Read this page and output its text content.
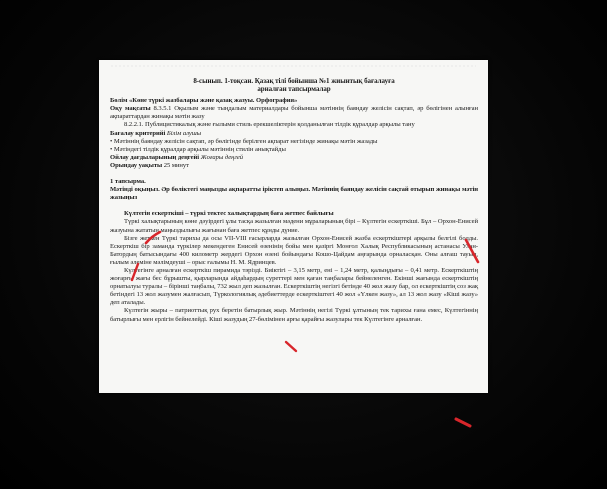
8-сынып. 1-тоқсан. Қазақ тілі бойынша №1 жиынтық бағалауға

арналған тапсырмалар

Бөлім «Көне түркі жазбалары және қазақ жазуы. Орфография»

Оқу мақсаты 8.3.5.1 Оқылым және тыңдалым материалдары бойынша мәтіннің баяндау желісін сақтап, әр бөлігінен алынған ақпараттардан жинақы мәтін жазу

8.2.2.1. Публицистикалық және ғылыми стиль ерекшеліктерін қолданылған тілдік құралдар арқылы тану

Бағалау критерийі Білім алушы

• Мәтіннің баяндау желісін сақтап, әр бөлігінде берілген ақпарат негізінде жинақы мәтін жазады

• Мәтіндегі тілдік құралдар арқылы мәтіннің стилін анықтайды

Ойлау дағдыларының деңгейі Жоғары деңгей

Орындау уақыты 25 минут

1 тапсырма.

Мәтінді оқыңыз. Әр бөліктегі маңызды ақпаратты іріктеп алыңыз. Мәтіннің баяндау желісін сақтай отырып жинақы мәтін жазыңыз

Күлтегін ескерткіші – түркі тектес халықтардың баға жетпес байлығы

Түркі халықтарының көне дәуірдегі ұлы тасқа жазылған мәдени мұраларының бірі – Күлтегін ескерткіші. Бұл – Орхон-Енисей жазуына жататын маңыздылығы жағынан баға жетпес құнды дүние.

Бізге жеткен Түркі тарихы да осы VII-VIII ғасырларда жазылған Орхон-Енисей жазба ескерткіштері арқылы белгілі болды. Ескерткіш бір заманда түркілер мекендеген Енисей өзенінің бойы мен қазіргі Монғол Халық Республикасының астанасы Улан-Батордың батысындағы 400 километр жердегі Орхон өзені бойындағы Кошо-Цайдам аңғарында орналасқан. Оны алғаш тауып, ғылым әлеміне мәлімдеуші – орыс ғалымы Н. М. Ядринцев.

Күлтегінге арналған ескерткіш пирамида тәрізді. Биіктігі – 3,15 метр, ені – 1,24 метр, қалыңдығы – 0,41 метр. Ескерткіштің жоғарғы жағы бес бұрышты, қырларында айдаһардың суреттері мен қаған таңбалары бейнеленген. Екінші жағында ескерткіштің орнатылуы туралы – бірінші таңбалы, 732 жыл деп жазылған. Ескерткіштің негізгі бетінде 40 жол жазу бар, ол ескерткіштің соз жақ бетіндегі 13 жол жазумен жалғасып, Түркологиялық әдебиеттерде ескерткіштегі 40 жол «Үлкен жазу», ал 13 жол жазу «Кіші жазу» деп аталады.

Күлтегін жыры – патриоттық рух беретін батырлық жыр. Мәтіннің негізі Түркі ұлтының тек тарихы ғана емес, Күлтегіннің батырлығы мен ерлігін бейнелейді. Кіші жазудың 27-бөлімінен арғы қарайғы жазулары тек Күлтегінге арналған.
